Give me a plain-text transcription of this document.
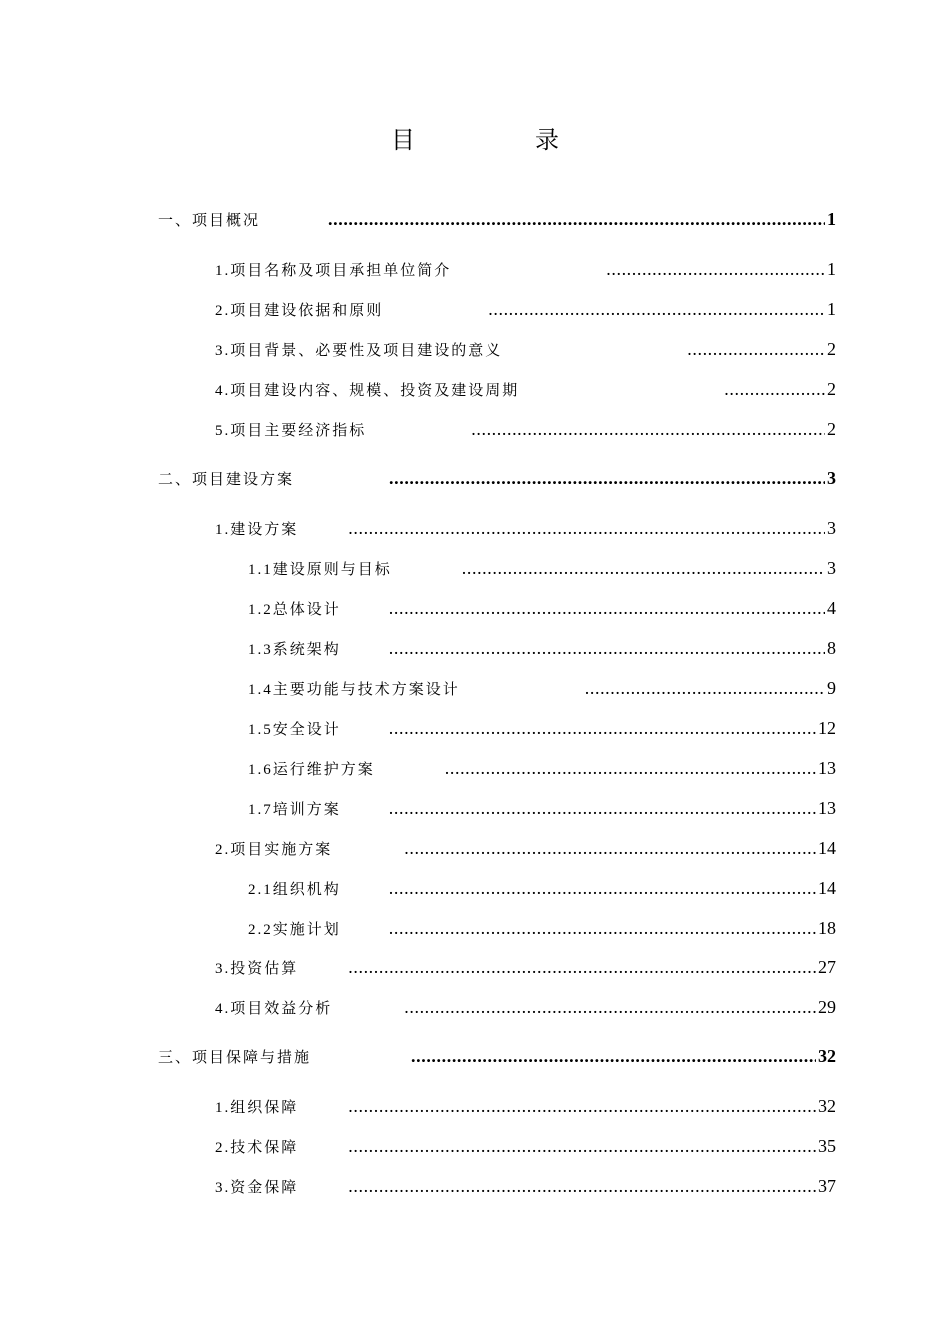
目　录
一、项目概况 .....	1
1.项目名称及项目承担单位简介 .....	1
2.项目建设依据和原则 .....	1
3.项目背景、必要性及项目建设的意义 .....	2
4.项目建设内容、规模、投资及建设周期 .....	2
5.项目主要经济指标 .....	2
二、项目建设方案 .....	3
1.建设方案 .....	3
1.1建设原则与目标 .....	3
1.2总体设计 .....	4
1.3系统架构 .....	8
1.4主要功能与技术方案设计 .....	9
1.5安全设计 .....	12
1.6运行维护方案 .....	13
1.7培训方案 .....	13
2.项目实施方案 .....	14
2.1组织机构 .....	14
2.2实施计划 .....	18
3.投资估算 .....	27
4.项目效益分析 .....	29
三、项目保障与措施 .....	32
1.组织保障 .....	32
2.技术保障 .....	35
3.资金保障 .....	37
